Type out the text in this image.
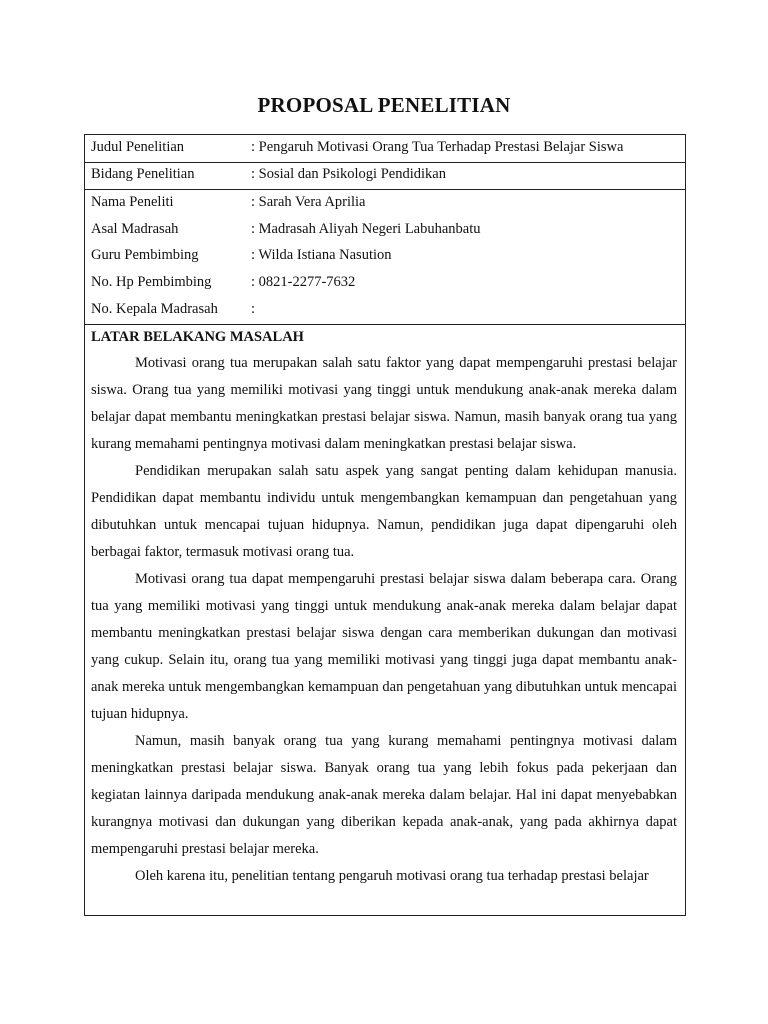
PROPOSAL PENELITIAN
Judul Penelitian	: Pengaruh Motivasi Orang Tua Terhadap Prestasi Belajar Siswa
Bidang Penelitian	: Sosial dan Psikologi Pendidikan
Nama Peneliti	: Sarah Vera Aprilia
Asal Madrasah	: Madrasah Aliyah Negeri Labuhanbatu
Guru Pembimbing	: Wilda Istiana Nasution
No. Hp Pembimbing	: 0821-2277-7632
No. Kepala Madrasah :
LATAR BELAKANG MASALAH

Motivasi orang tua merupakan salah satu faktor yang dapat mempengaruhi prestasi belajar siswa. Orang tua yang memiliki motivasi yang tinggi untuk mendukung anak-anak mereka dalam belajar dapat membantu meningkatkan prestasi belajar siswa. Namun, masih banyak orang tua yang kurang memahami pentingnya motivasi dalam meningkatkan prestasi belajar siswa.

Pendidikan merupakan salah satu aspek yang sangat penting dalam kehidupan manusia. Pendidikan dapat membantu individu untuk mengembangkan kemampuan dan pengetahuan yang dibutuhkan untuk mencapai tujuan hidupnya. Namun, pendidikan juga dapat dipengaruhi oleh berbagai faktor, termasuk motivasi orang tua.

Motivasi orang tua dapat mempengaruhi prestasi belajar siswa dalam beberapa cara. Orang tua yang memiliki motivasi yang tinggi untuk mendukung anak-anak mereka dalam belajar dapat membantu meningkatkan prestasi belajar siswa dengan cara memberikan dukungan dan motivasi yang cukup. Selain itu, orang tua yang memiliki motivasi yang tinggi juga dapat membantu anak-anak mereka untuk mengembangkan kemampuan dan pengetahuan yang dibutuhkan untuk mencapai tujuan hidupnya.

Namun, masih banyak orang tua yang kurang memahami pentingnya motivasi dalam meningkatkan prestasi belajar siswa. Banyak orang tua yang lebih fokus pada pekerjaan dan kegiatan lainnya daripada mendukung anak-anak mereka dalam belajar. Hal ini dapat menyebabkan kurangnya motivasi dan dukungan yang diberikan kepada anak-anak, yang pada akhirnya dapat mempengaruhi prestasi belajar mereka.

Oleh karena itu, penelitian tentang pengaruh motivasi orang tua terhadap prestasi belajar
